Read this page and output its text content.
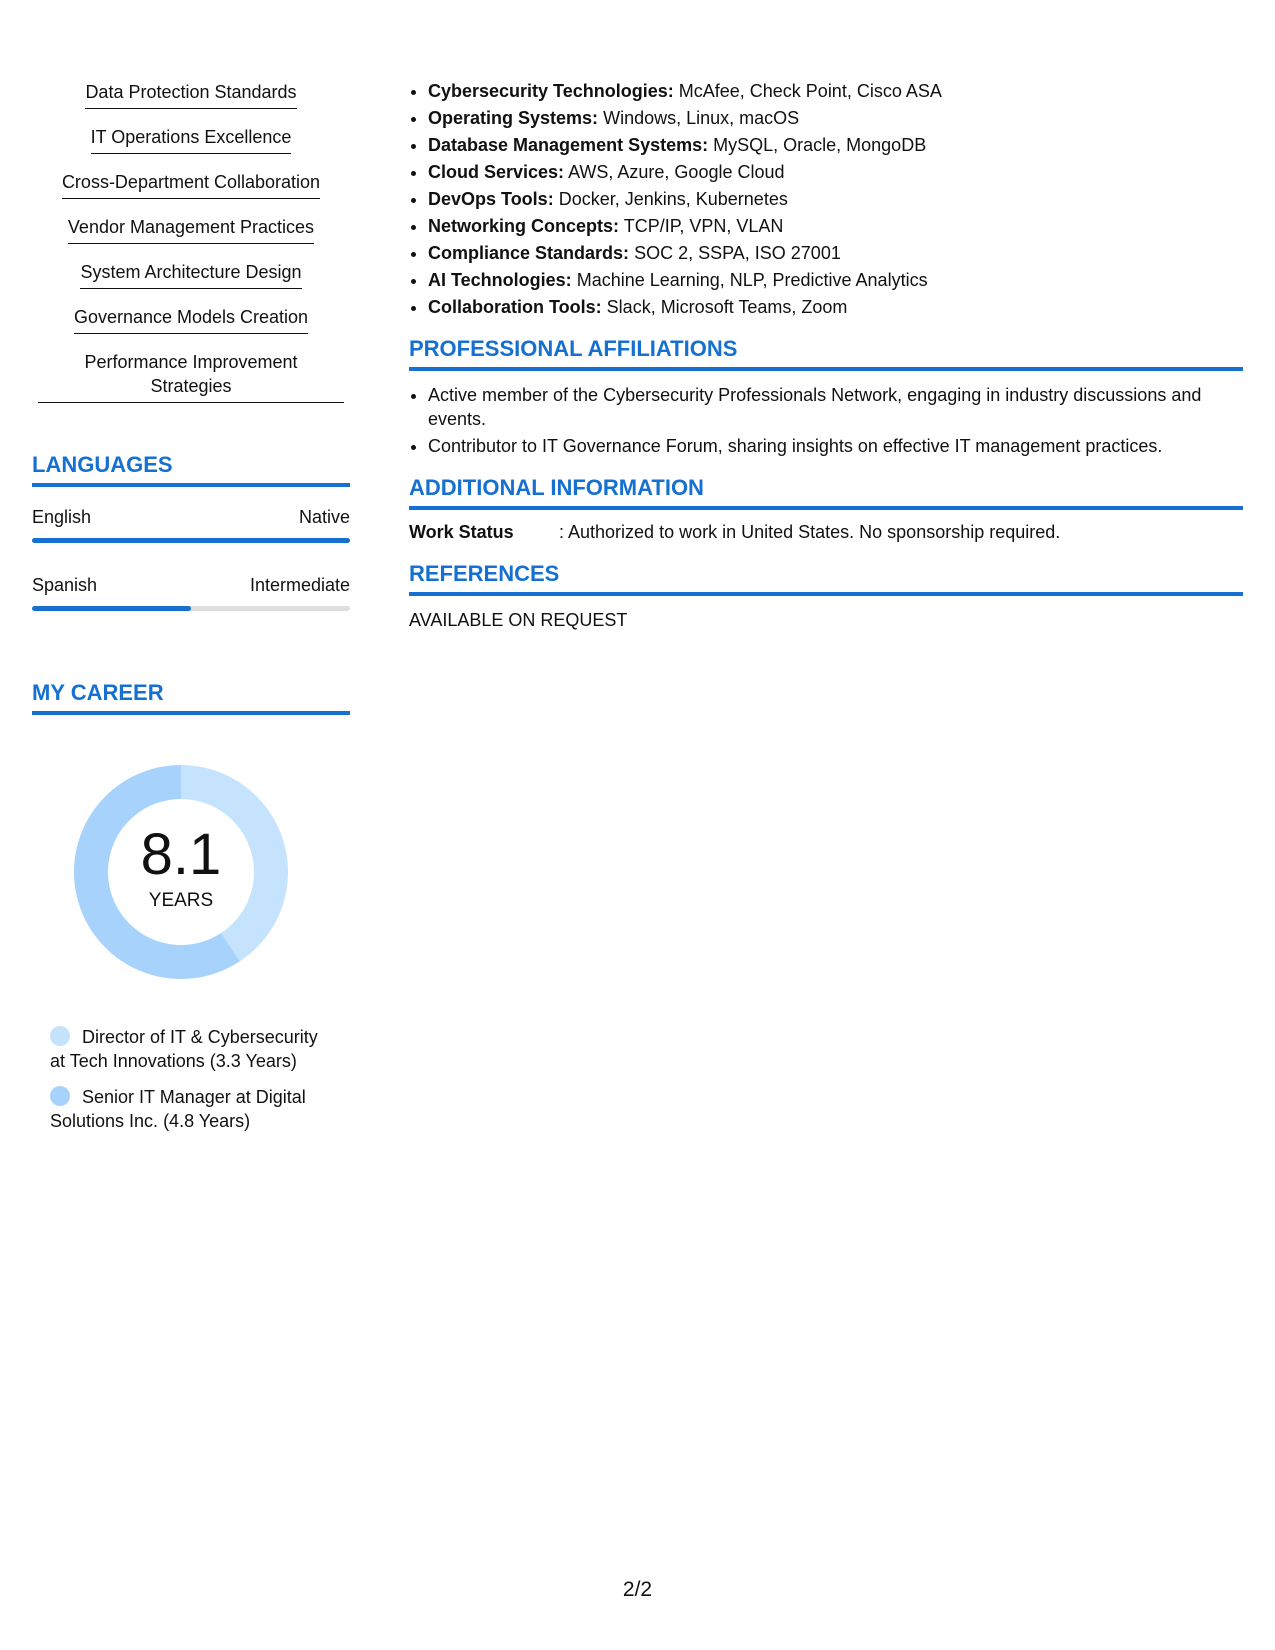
Data Protection Standards
IT Operations Excellence
Cross-Department Collaboration
Vendor Management Practices
System Architecture Design
Governance Models Creation
Performance Improvement Strategies
LANGUAGES
English	Native
Spanish	Intermediate
MY CAREER
8.1
YEARS
Director of IT & Cybersecurity at Tech Innovations (3.3 Years)
Senior IT Manager at Digital Solutions Inc. (4.8 Years)
• Cybersecurity Technologies: McAfee, Check Point, Cisco ASA
• Operating Systems: Windows, Linux, macOS
• Database Management Systems: MySQL, Oracle, MongoDB
• Cloud Services: AWS, Azure, Google Cloud
• DevOps Tools: Docker, Jenkins, Kubernetes
• Networking Concepts: TCP/IP, VPN, VLAN
• Compliance Standards: SOC 2, SSPA, ISO 27001
• AI Technologies: Machine Learning, NLP, Predictive Analytics
• Collaboration Tools: Slack, Microsoft Teams, Zoom
PROFESSIONAL AFFILIATIONS
• Active member of the Cybersecurity Professionals Network, engaging in industry discussions and events.
• Contributor to IT Governance Forum, sharing insights on effective IT management practices.
ADDITIONAL INFORMATION
Work Status	: Authorized to work in United States. No sponsorship required.
REFERENCES
AVAILABLE ON REQUEST
2/2
